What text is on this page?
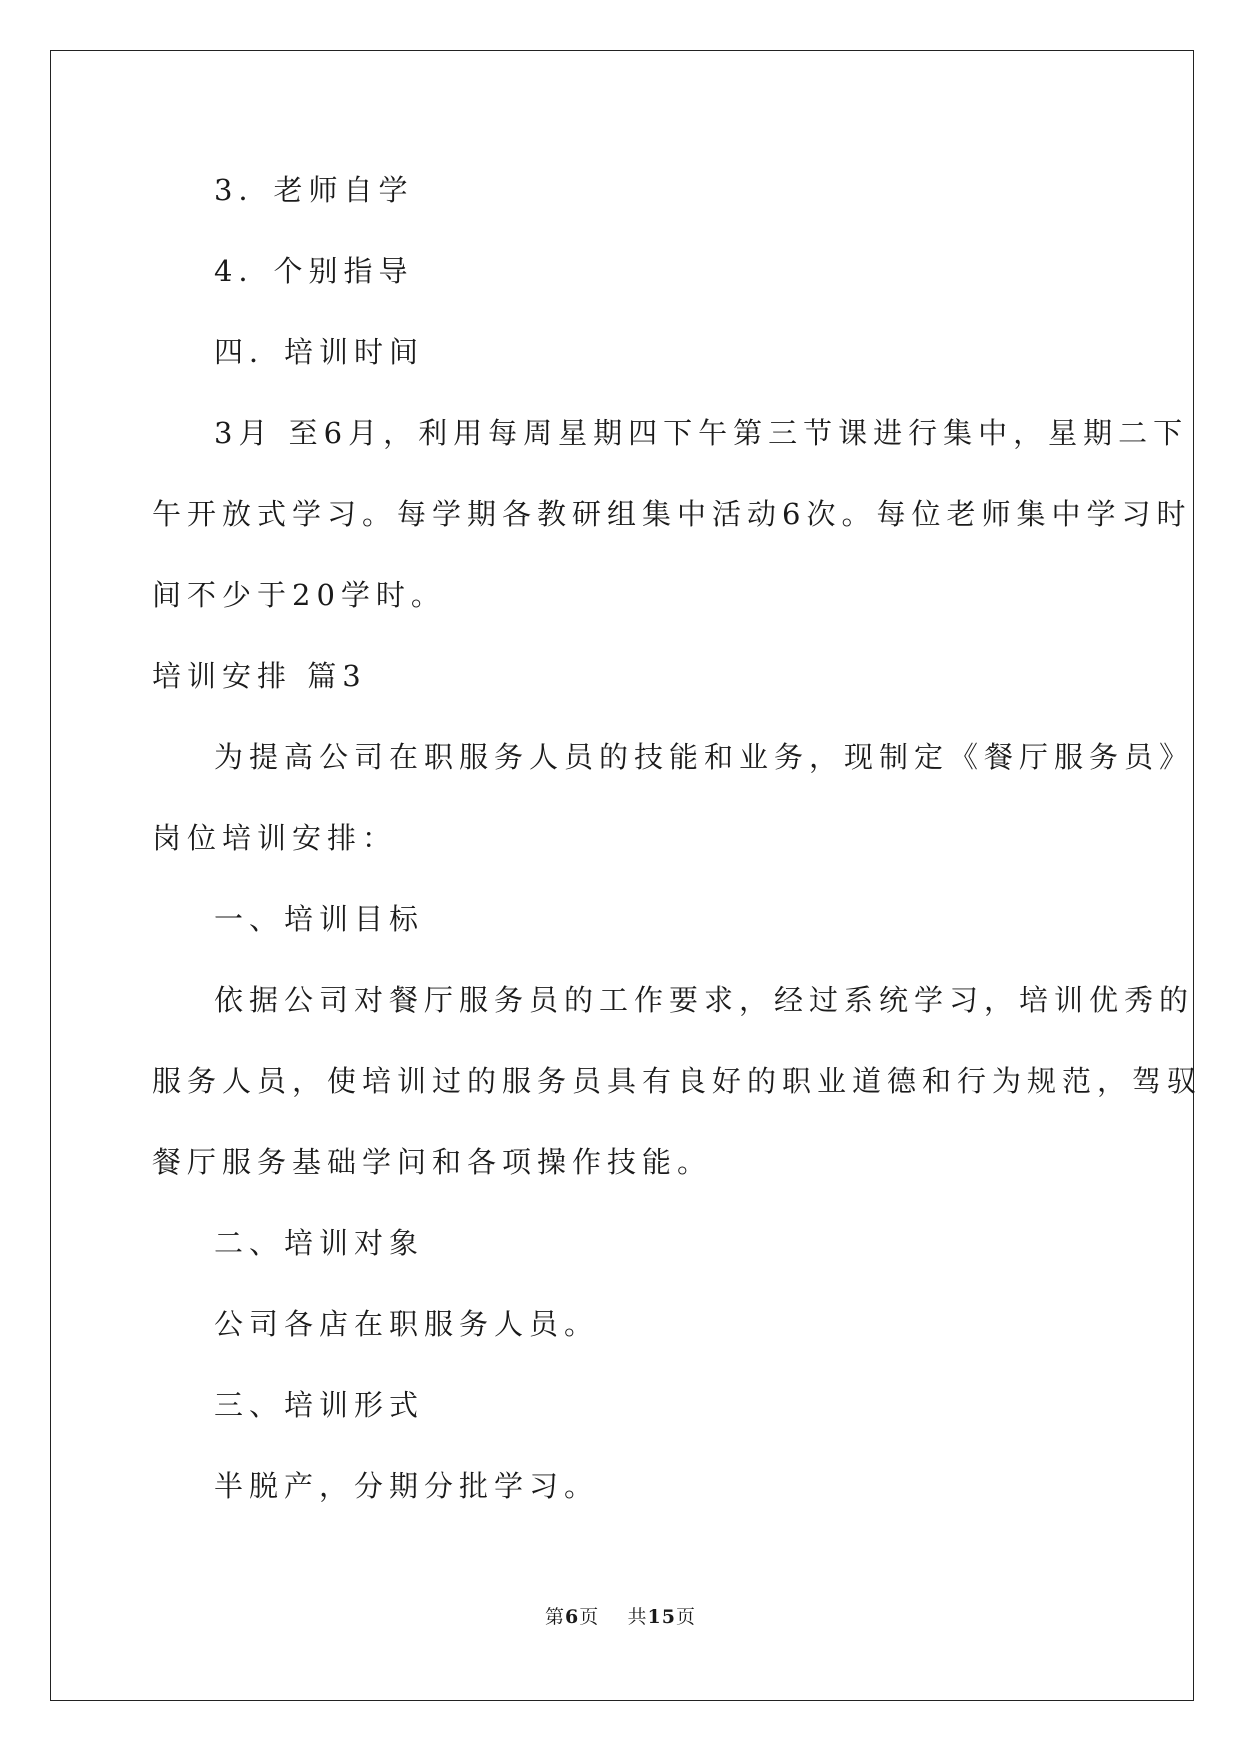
3．老师自学
4．个别指导
四．培训时间
3月 至6月，利用每周星期四下午第三节课进行集中，星期二下
午开放式学习。每学期各教研组集中活动6次。每位老师集中学习时
间不少于20学时。
培训安排 篇3
为提高公司在职服务人员的技能和业务，现制定《餐厅服务员》
岗位培训安排：
一、培训目标
依据公司对餐厅服务员的工作要求，经过系统学习，培训优秀的
服务人员，使培训过的服务员具有良好的职业道德和行为规范，驾驭
餐厅服务基础学问和各项操作技能。
二、培训对象
公司各店在职服务人员。
三、培训形式
半脱产，分期分批学习。
第6页 共15页
